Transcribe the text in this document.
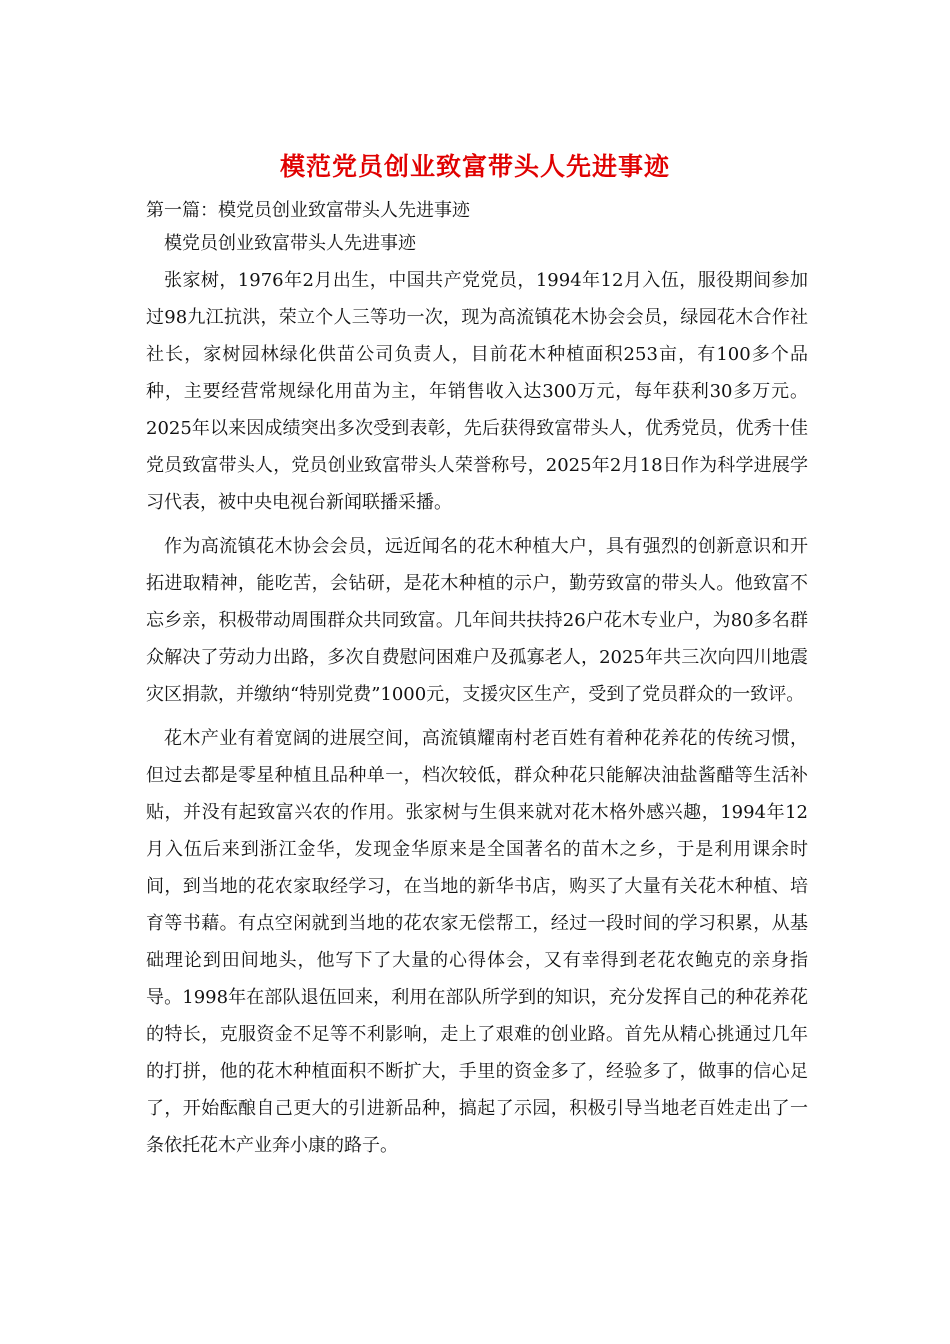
模范党员创业致富带头人先进事迹

第一篇：模党员创业致富带头人先进事迹

模党员创业致富带头人先进事迹

张家树，1976年2月出生，中国共产党党员，1994年12月入伍，服役期间参加过98九江抗洪，荣立个人三等功一次，现为高流镇花木协会会员，绿园花木合作社社长，家树园林绿化供苗公司负责人，目前花木种植面积253亩，有100多个品种，主要经营常规绿化用苗为主，年销售收入达300万元，每年获利30多万元。2025年以来因成绩突出多次受到表彰，先后获得致富带头人，优秀党员，优秀十佳党员致富带头人，党员创业致富带头人荣誉称号，2025年2月18日作为科学进展学习代表，被中央电视台新闻联播采播。

作为高流镇花木协会会员，远近闻名的花木种植大户，具有强烈的创新意识和开拓进取精神，能吃苦，会钻研，是花木种植的示户，勤劳致富的带头人。他致富不忘乡亲，积极带动周围群众共同致富。几年间共扶持26户花木专业户，为80多名群众解决了劳动力出路，多次自费慰问困难户及孤寡老人，2025年共三次向四川地震灾区捐款，并缴纳“特别党费”1000元，支援灾区生产，受到了党员群众的一致评。

花木产业有着宽阔的进展空间，高流镇耀南村老百姓有着种花养花的传统习惯，但过去都是零星种植且品种单一，档次较低，群众种花只能解决油盐酱醋等生活补贴，并没有起致富兴农的作用。张家树与生俱来就对花木格外感兴趣，1994年12月入伍后来到浙江金华，发现金华原来是全国著名的苗木之乡，于是利用课余时间，到当地的花农家取经学习，在当地的新华书店，购买了大量有关花木种植、培育等书藉。有点空闲就到当地的花农家无偿帮工，经过一段时间的学习积累，从基础理论到田间地头，他写下了大量的心得体会，又有幸得到老花农鲍克的亲身指导。1998年在部队退伍回来，利用在部队所学到的知识，充分发挥自己的种花养花的特长，克服资金不足等不利影响，走上了艰难的创业路。首先从精心挑通过几年的打拼，他的花木种植面积不断扩大，手里的资金多了，经验多了，做事的信心足了，开始酝酿自己更大的引进新品种，搞起了示园，积极引导当地老百姓走出了一条依托花木产业奔小康的路子。
